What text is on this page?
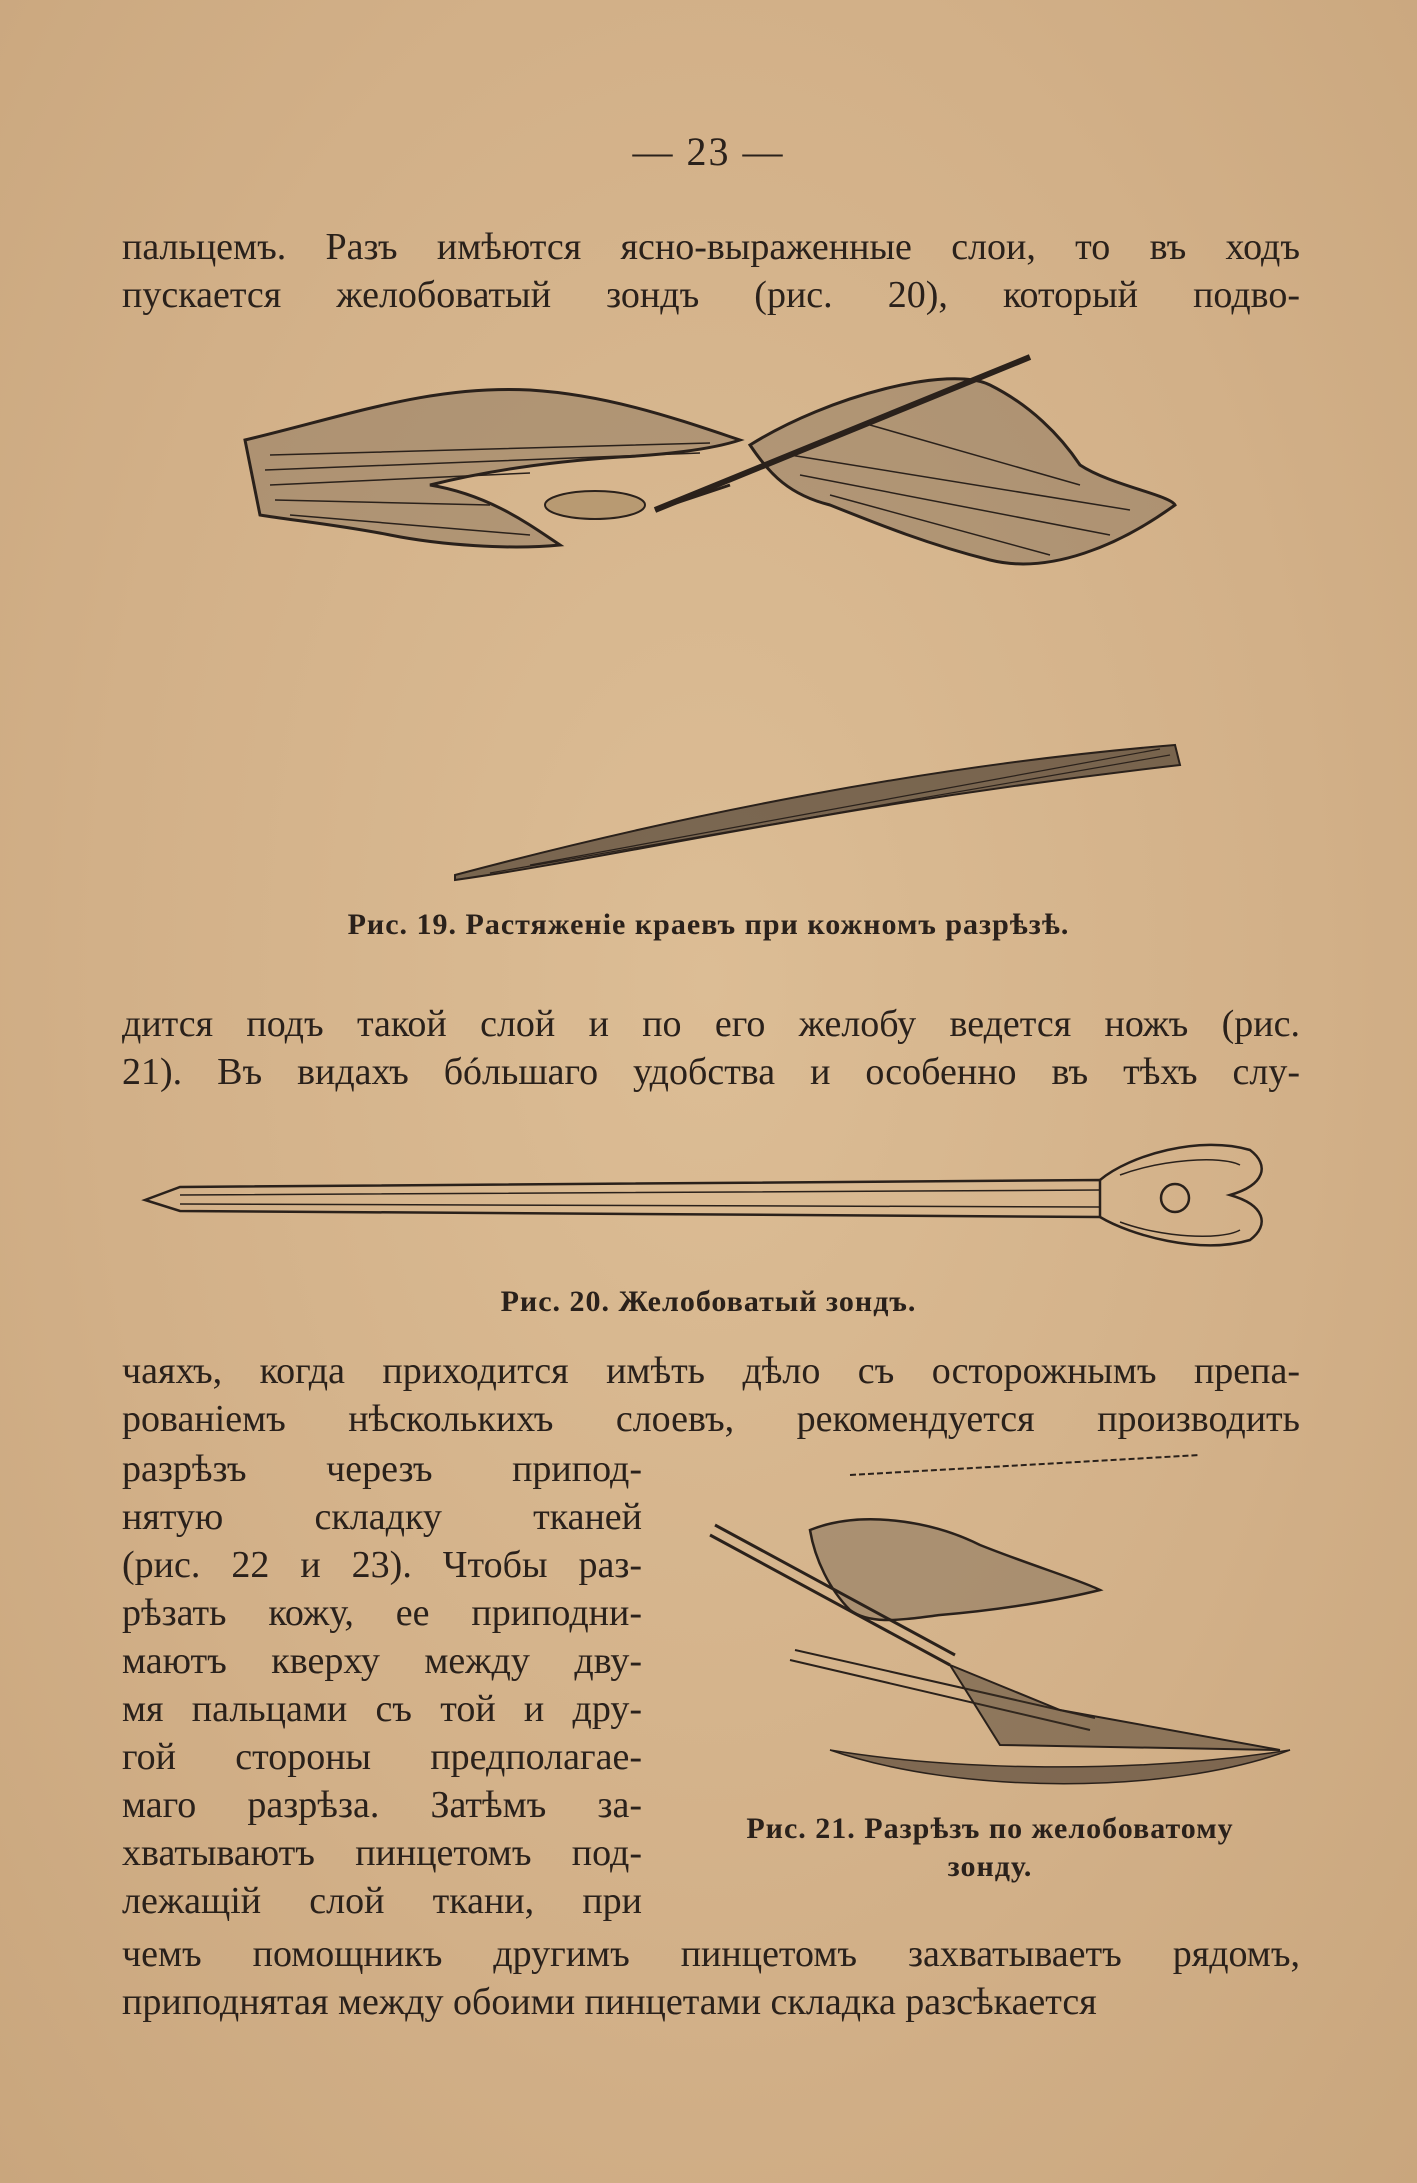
— 23 —
пальцемъ. Разъ имѣются ясно-выраженные слои, то въ ходъ
пускается желобоватый зондъ (рис. 20), который подво-
Рис. 19. Растяженіе краевъ при кожномъ разрѣзѣ.
дится подъ такой слой и по его желобу ведется ножъ (рис.
21). Въ видахъ бóльшаго удобства и особенно въ тѣхъ слу-
Рис. 20. Желобоватый зондъ.
чаяхъ, когда приходится имѣть дѣло съ осторожнымъ препа-
рованіемъ нѣсколькихъ слоевъ, рекомендуется производить
разрѣзъ черезъ припод-
нятую складку тканей
(рис. 22 и 23). Чтобы раз-
рѣзать кожу, ее приподни-
маютъ кверху между дву-
мя пальцами съ той и дру-
гой стороны предполагае-
маго разрѣза. Затѣмъ за-
хватываютъ пинцетомъ под-
лежащій слой ткани, при
Рис. 21. Разрѣзъ по желобоватому
зонду.
чемъ помощникъ другимъ пинцетомъ захватываетъ рядомъ,
приподнятая между обоими пинцетами складка разсѣкается
